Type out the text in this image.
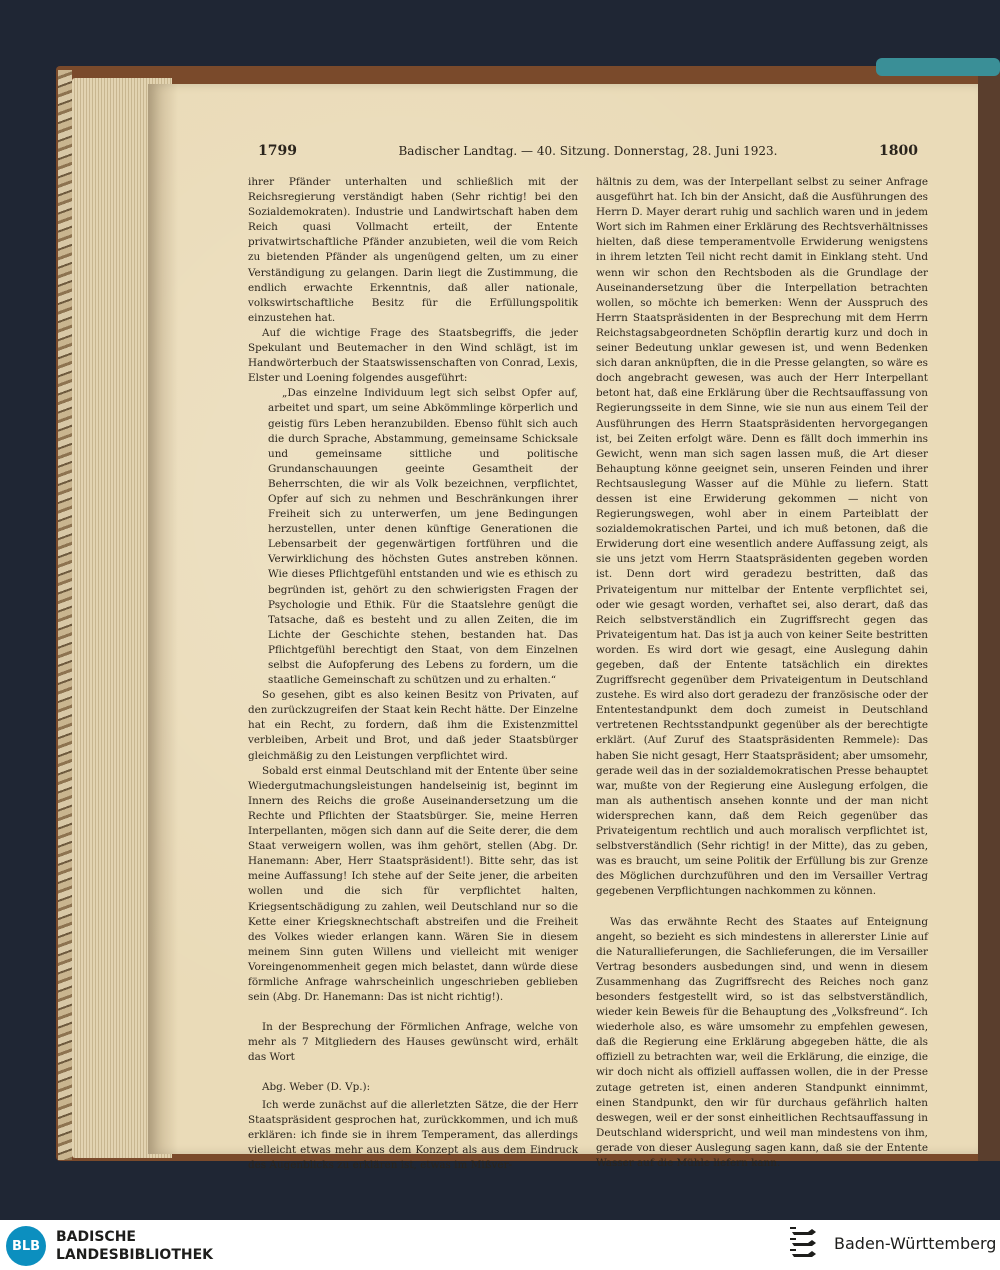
1799	Badischer Landtag. — 40. Sitzung. Donnerstag, 28. Juni 1923.	1800

ihrer Pfänder unterhalten und schließlich mit der Reichsregierung verständigt haben (Sehr richtig! bei den Sozialdemokraten). Industrie und Landwirtschaft haben dem Reich quasi Vollmacht erteilt, der Entente privatwirtschaftliche Pfänder anzubieten, weil die vom Reich zu bietenden Pfänder als ungenügend gelten, um zu einer Verständigung zu gelangen. Darin liegt die Zustimmung, die endlich erwachte Erkenntnis, daß aller nationale, volkswirtschaftliche Besitz für die Erfüllungspolitik einzustehen hat.

Auf die wichtige Frage des Staatsbegriffs, die jeder Spekulant und Beutemacher in den Wind schlägt, ist im Handwörterbuch der Staatswissenschaften von Conrad, Lexis, Elster und Loening folgendes ausgeführt:

„Das einzelne Individuum legt sich selbst Opfer auf, arbeitet und spart, um seine Abkömmlinge körperlich und geistig fürs Leben heranzubilden. Ebenso fühlt sich auch die durch Sprache, Abstammung, gemeinsame Schicksale und gemeinsame sittliche und politische Grundanschauungen geeinte Gesamtheit der Beherrschten, die wir als Volk bezeichnen, verpflichtet, Opfer auf sich zu nehmen und Beschränkungen ihrer Freiheit sich zu unterwerfen, um jene Bedingungen herzustellen, unter denen künftige Generationen die Lebensarbeit der gegenwärtigen fortführen und die Verwirklichung des höchsten Gutes anstreben können. Wie dieses Pflichtgefühl entstanden und wie es ethisch zu begründen ist, gehört zu den schwierigsten Fragen der Psychologie und Ethik. Für die Staatslehre genügt die Tatsache, daß es besteht und zu allen Zeiten, die im Lichte der Geschichte stehen, bestanden hat. Das Pflichtgefühl berechtigt den Staat, von dem Einzelnen selbst die Aufopferung des Lebens zu fordern, um die staatliche Gemeinschaft zu schützen und zu erhalten.“

So gesehen, gibt es also keinen Besitz von Privaten, auf den zurückzugreifen der Staat kein Recht hätte. Der Einzelne hat ein Recht, zu fordern, daß ihm die Existenzmittel verbleiben, Arbeit und Brot, und daß jeder Staatsbürger gleichmäßig zu den Leistungen verpflichtet wird.

Sobald erst einmal Deutschland mit der Entente über seine Wiedergutmachungsleistungen handelseinig ist, beginnt im Innern des Reichs die große Auseinandersetzung um die Rechte und Pflichten der Staatsbürger. Sie, meine Herren Interpellanten, mögen sich dann auf die Seite derer, die dem Staat verweigern wollen, was ihm gehört, stellen (Abg. Dr. Hanemann: Aber, Herr Staatspräsident!). Bitte sehr, das ist meine Auffassung! Ich stehe auf der Seite jener, die arbeiten wollen und die sich für verpflichtet halten, Kriegsentschädigung zu zahlen, weil Deutschland nur so die Kette einer Kriegsknechtschaft abstreifen und die Freiheit des Volkes wieder erlangen kann. Wären Sie in diesem meinem Sinn guten Willens und vielleicht mit weniger Voreingenommenheit gegen mich belastet, dann würde diese förmliche Anfrage wahrscheinlich ungeschrieben geblieben sein (Abg. Dr. Hanemann: Das ist nicht richtig!).

In der Besprechung der Förmlichen Anfrage, welche von mehr als 7 Mitgliedern des Hauses gewünscht wird, erhält das Wort

Abg. Weber (D. Vp.):

Ich werde zunächst auf die allerletzten Sätze, die der Herr Staatspräsident gesprochen hat, zurückkommen, und ich muß erklären: ich finde sie in ihrem Temperament, das allerdings vielleicht etwas mehr aus dem Konzept als aus dem Eindruck des Augenblicks zu erklären ist, etwas im Mißver-

hältnis zu dem, was der Interpellant selbst zu seiner Anfrage ausgeführt hat. Ich bin der Ansicht, daß die Ausführungen des Herrn D. Mayer derart ruhig und sachlich waren und in jedem Wort sich im Rahmen einer Erklärung des Rechtsverhältnisses hielten, daß diese temperamentvolle Erwiderung wenigstens in ihrem letzten Teil nicht recht damit in Einklang steht. Und wenn wir schon den Rechtsboden als die Grundlage der Auseinandersetzung über die Interpellation betrachten wollen, so möchte ich bemerken: Wenn der Ausspruch des Herrn Staatspräsidenten in der Besprechung mit dem Herrn Reichstagsabgeordneten Schöpflin derartig kurz und doch in seiner Bedeutung unklar gewesen ist, und wenn Bedenken sich daran anknüpften, die in die Presse gelangten, so wäre es doch angebracht gewesen, was auch der Herr Interpellant betont hat, daß eine Erklärung über die Rechtsauffassung von Regierungsseite in dem Sinne, wie sie nun aus einem Teil der Ausführungen des Herrn Staatspräsidenten hervorgegangen ist, bei Zeiten erfolgt wäre. Denn es fällt doch immerhin ins Gewicht, wenn man sich sagen lassen muß, die Art dieser Behauptung könne geeignet sein, unseren Feinden und ihrer Rechtsauslegung Wasser auf die Mühle zu liefern. Statt dessen ist eine Erwiderung gekommen — nicht von Regierungswegen, wohl aber in einem Parteiblatt der sozialdemokratischen Partei, und ich muß betonen, daß die Erwiderung dort eine wesentlich andere Auffassung zeigt, als sie uns jetzt vom Herrn Staatspräsidenten gegeben worden ist. Denn dort wird geradezu bestritten, daß das Privateigentum nur mittelbar der Entente verpflichtet sei, oder wie gesagt worden, verhaftet sei, also derart, daß das Reich selbstverständlich ein Zugriffsrecht gegen das Privateigentum hat. Das ist ja auch von keiner Seite bestritten worden. Es wird dort wie gesagt, eine Auslegung dahin gegeben, daß der Entente tatsächlich ein direktes Zugriffsrecht gegenüber dem Privateigentum in Deutschland zustehe. Es wird also dort geradezu der französische oder der Ententestandpunkt dem doch zumeist in Deutschland vertretenen Rechtsstandpunkt gegenüber als der berechtigte erklärt. (Auf Zuruf des Staatspräsidenten Remmele): Das haben Sie nicht gesagt, Herr Staatspräsident; aber umsomehr, gerade weil das in der sozialdemokratischen Presse behauptet war, mußte von der Regierung eine Auslegung erfolgen, die man als authentisch ansehen konnte und der man nicht widersprechen kann, daß dem Reich gegenüber das Privateigentum rechtlich und auch moralisch verpflichtet ist, selbstverständlich (Sehr richtig! in der Mitte), das zu geben, was es braucht, um seine Politik der Erfüllung bis zur Grenze des Möglichen durchzuführen und den im Versailler Vertrag gegebenen Verpflichtungen nachkommen zu können.

Was das erwähnte Recht des Staates auf Enteignung angeht, so bezieht es sich mindestens in allererster Linie auf die Naturallieferungen, die Sachlieferungen, die im Versailler Vertrag besonders ausbedungen sind, und wenn in diesem Zusammenhang das Zugriffsrecht des Reiches noch ganz besonders festgestellt wird, so ist das selbstverständlich, wieder kein Beweis für die Behauptung des „Volksfreund“. Ich wiederhole also, es wäre umsomehr zu empfehlen gewesen, daß die Regierung eine Erklärung abgegeben hätte, die als offiziell zu betrachten war, weil die Erklärung, die einzige, die wir doch nicht als offiziell auffassen wollen, die in der Presse zutage getreten ist, einen anderen Standpunkt einnimmt, einen Standpunkt, den wir für durchaus gefährlich halten deswegen, weil er der sonst einheitlichen Rechtsauffassung in Deutschland widerspricht, und weil man mindestens von ihm, gerade von dieser Auslegung sagen kann, daß sie der Entente Wasser auf die Mühle liefern kann.

BLB
BADISCHE
LANDESBIBLIOTHEK
Baden-Württemberg
